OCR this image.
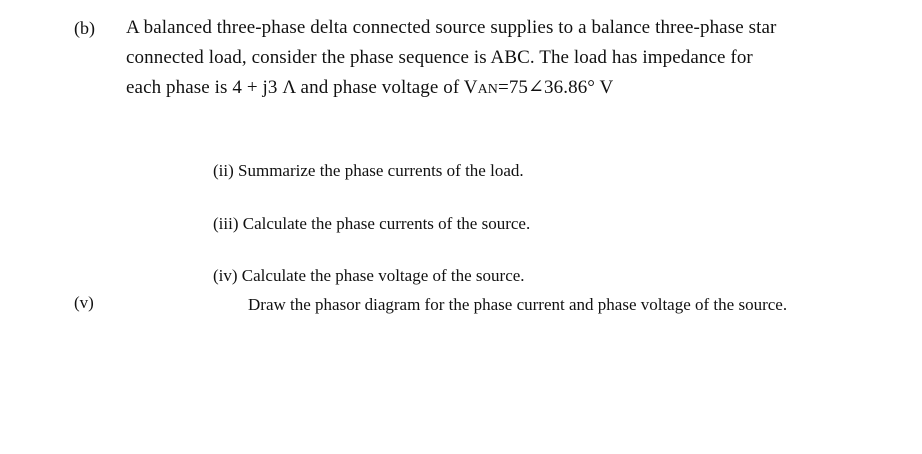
(b) A balanced three-phase delta connected source supplies to a balance three-phase star
connected load, consider the phase sequence is ABC. The load has impedance for
each phase is 4 + j3 Λ and phase voltage of VAN=75∠36.86° V
(ii) Summarize the phase currents of the load.
(iii) Calculate the phase currents of the source.
(iv) Calculate the phase voltage of the source.
(v)	Draw the phasor diagram for the phase current and phase voltage of the source.
